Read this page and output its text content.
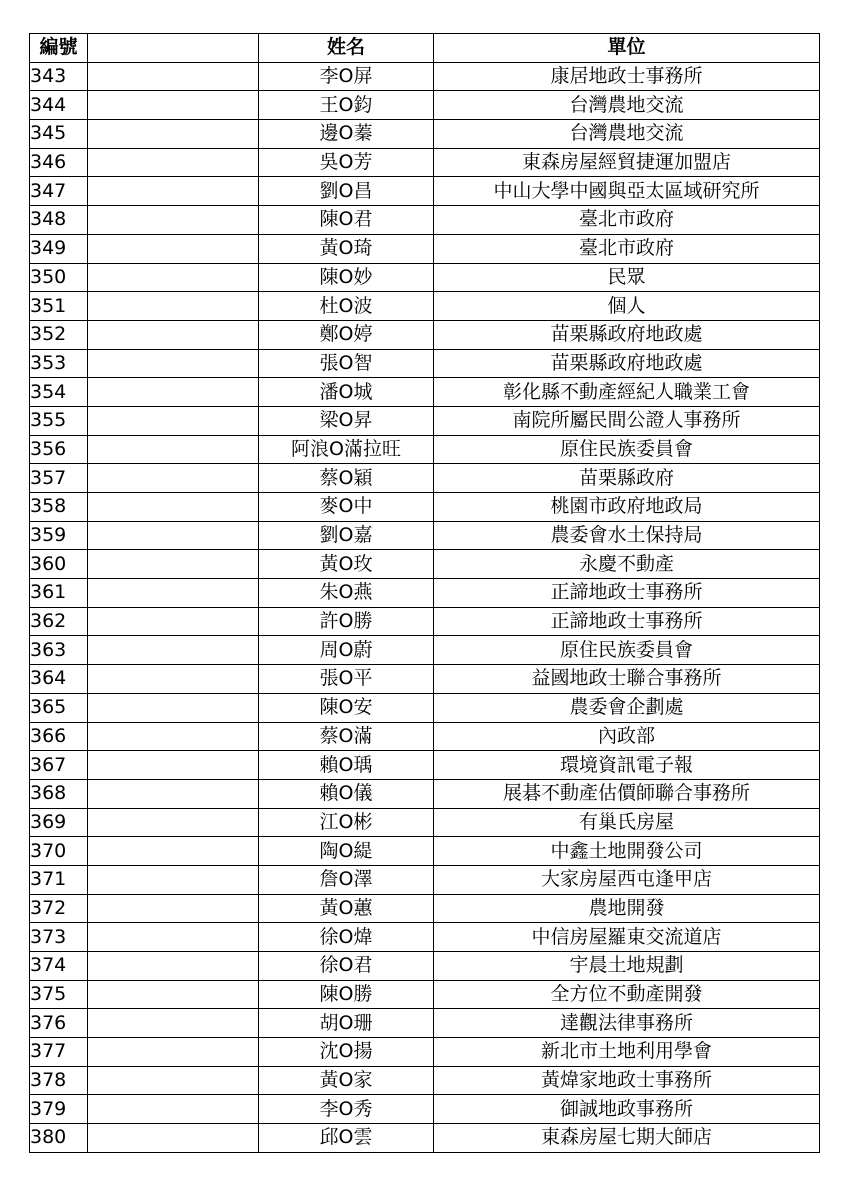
編號		姓名	單位
343		李O屏	康居地政士事務所
344		王O鈞	台灣農地交流
345		邊O蓁	台灣農地交流
346		吳O芳	東森房屋經貿捷運加盟店
347		劉O昌	中山大學中國與亞太區域研究所
348		陳O君	臺北市政府
349		黃O琦	臺北市政府
350		陳O妙	民眾
351		杜O波	個人
352		鄭O婷	苗栗縣政府地政處
353		張O智	苗栗縣政府地政處
354		潘O城	彰化縣不動產經紀人職業工會
355		梁O昇	南院所屬民間公證人事務所
356		阿浪O滿拉旺	原住民族委員會
357		蔡O穎	苗栗縣政府
358		麥O中	桃園市政府地政局
359		劉O嘉	農委會水土保持局
360		黃O玫	永慶不動產
361		朱O燕	正諦地政士事務所
362		許O勝	正諦地政士事務所
363		周O蔚	原住民族委員會
364		張O平	益國地政士聯合事務所
365		陳O安	農委會企劃處
366		蔡O滿	內政部
367		賴O瑀	環境資訊電子報
368		賴O儀	展碁不動產估價師聯合事務所
369		江O彬	有巢氏房屋
370		陶O緹	中鑫土地開發公司
371		詹O澤	大家房屋西屯逢甲店
372		黃O蕙	農地開發
373		徐O煒	中信房屋羅東交流道店
374		徐O君	宇晨土地規劃
375		陳O勝	全方位不動產開發
376		胡O珊	達觀法律事務所
377		沈O揚	新北市土地利用學會
378		黃O家	黃煒家地政士事務所
379		李O秀	御誠地政事務所
380		邱O雲	東森房屋七期大師店
